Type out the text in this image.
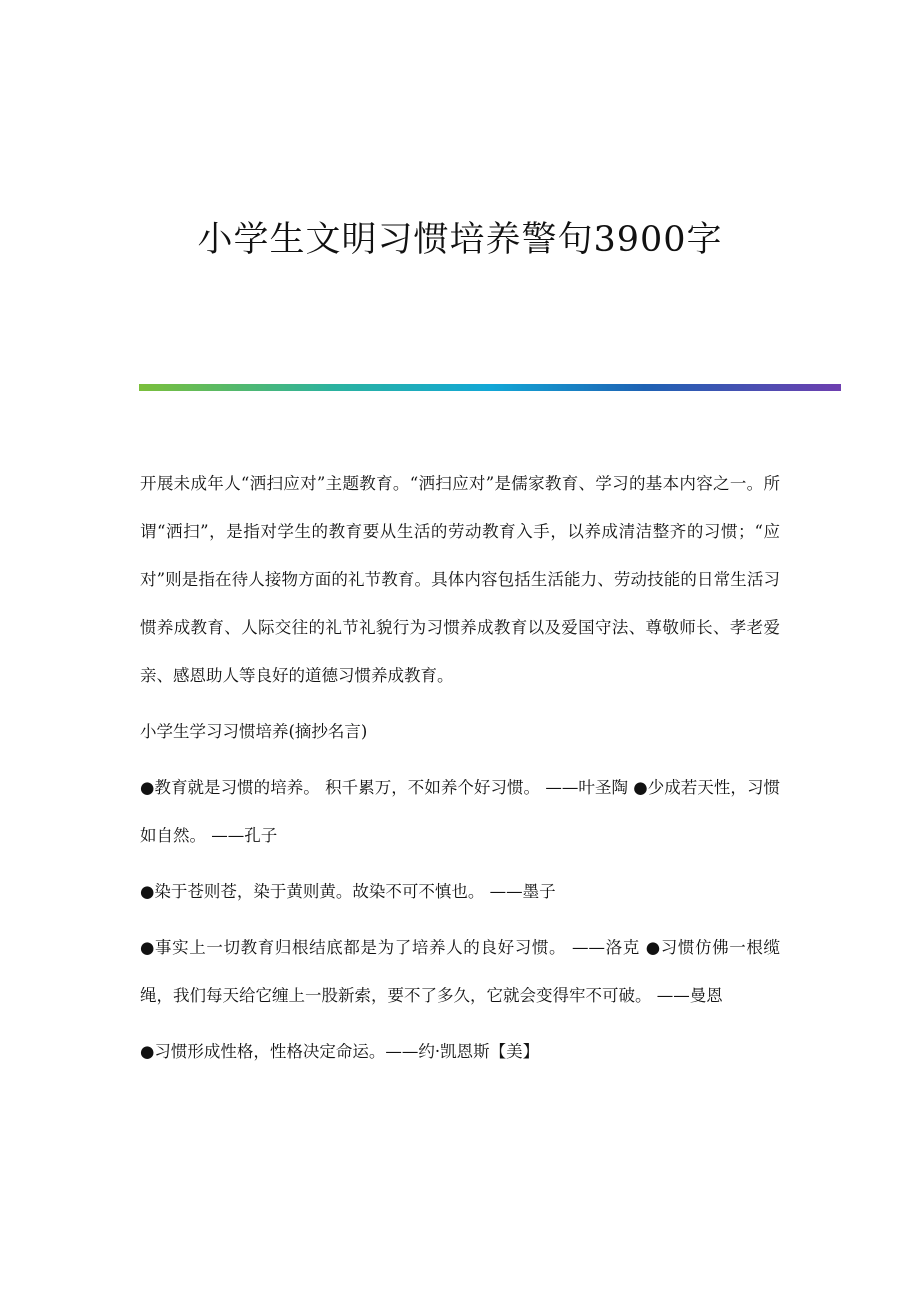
小学生文明习惯培养警句3900字

开展未成年人“洒扫应对”主题教育。“洒扫应对”是儒家教育、学习的基本内容之一。所谓“洒扫”，是指对学生的教育要从生活的劳动教育入手，以养成清洁整齐的习惯；“应对”则是指在待人接物方面的礼节教育。具体内容包括生活能力、劳动技能的日常生活习惯养成教育、人际交往的礼节礼貌行为习惯养成教育以及爱国守法、尊敬师长、孝老爱亲、感恩助人等良好的道德习惯养成教育。

小学生学习习惯培养(摘抄名言)

●教育就是习惯的培养。 积千累万，不如养个好习惯。 ——叶圣陶 ●少成若天性，习惯如自然。 ——孔子

●染于苍则苍，染于黄则黄。故染不可不慎也。 ——墨子

●事实上一切教育归根结底都是为了培养人的良好习惯。 ——洛克 ●习惯仿佛一根缆绳，我们每天给它缠上一股新索，要不了多久，它就会变得牢不可破。 ——曼恩

●习惯形成性格，性格决定命运。——约·凯恩斯【美】
